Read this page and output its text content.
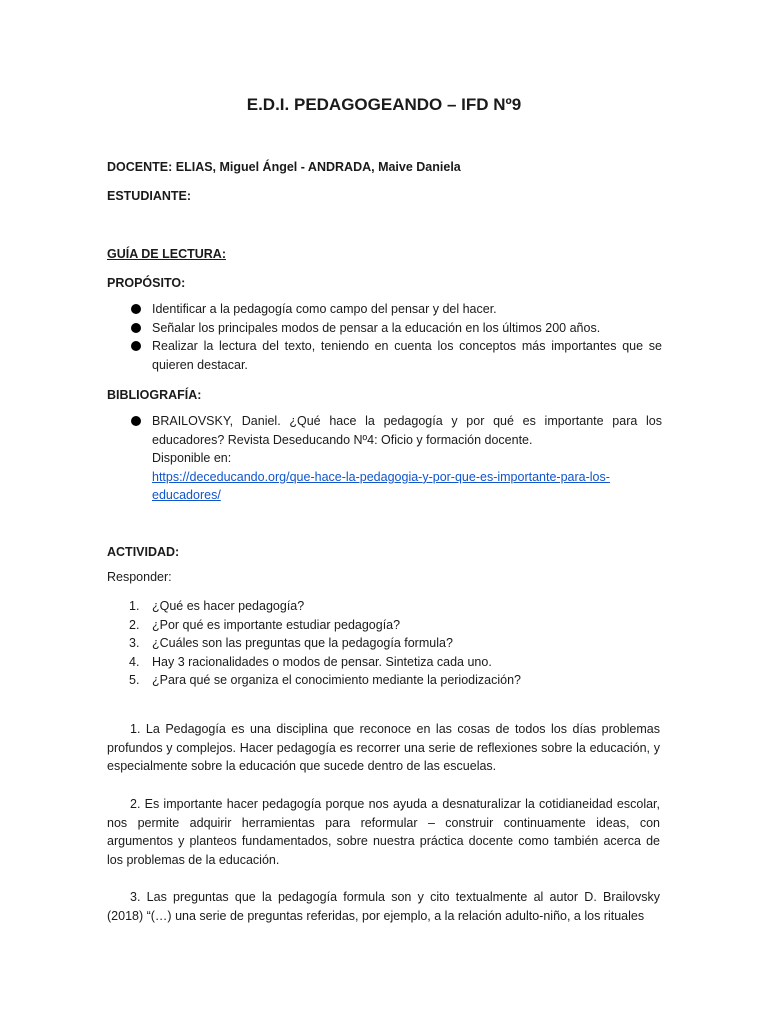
E.D.I. PEDAGOGEANDO – IFD Nº9
DOCENTE: ELIAS, Miguel Ángel - ANDRADA, Maive Daniela
ESTUDIANTE:
GUÍA DE LECTURA:
PROPÓSITO:
Identificar a la pedagogía como campo del pensar y del hacer.
Señalar los principales modos de pensar a la educación en los últimos 200 años.
Realizar la lectura del texto, teniendo en cuenta los conceptos más importantes que se quieren destacar.
BIBLIOGRAFÍA:
BRAILOVSKY, Daniel. ¿Qué hace la pedagogía y por qué es importante para los educadores? Revista Deseducando Nº4: Oficio y formación docente.
Disponible en:
https://deceducando.org/que-hace-la-pedagogia-y-por-que-es-importante-para-los-educadores/
ACTIVIDAD:
Responder:
1. ¿Qué es hacer pedagogía?
2. ¿Por qué es importante estudiar pedagogía?
3. ¿Cuáles son las preguntas que la pedagogía formula?
4. Hay 3 racionalidades o modos de pensar. Sintetiza cada uno.
5. ¿Para qué se organiza el conocimiento mediante la periodización?

1. La Pedagogía es una disciplina que reconoce en las cosas de todos los días problemas profundos y complejos. Hacer pedagogía es recorrer una serie de reflexiones sobre la educación, y especialmente sobre la educación que sucede dentro de las escuelas.

2. Es importante hacer pedagogía porque nos ayuda a desnaturalizar la cotidianeidad escolar, nos permite adquirir herramientas para reformular – construir continuamente ideas, con argumentos y planteos fundamentados, sobre nuestra práctica docente como también acerca de los problemas de la educación.

3. Las preguntas que la pedagogía formula son y cito textualmente al autor D. Brailovsky (2018) “(…) una serie de preguntas referidas, por ejemplo, a la relación adulto-niño, a los rituales
